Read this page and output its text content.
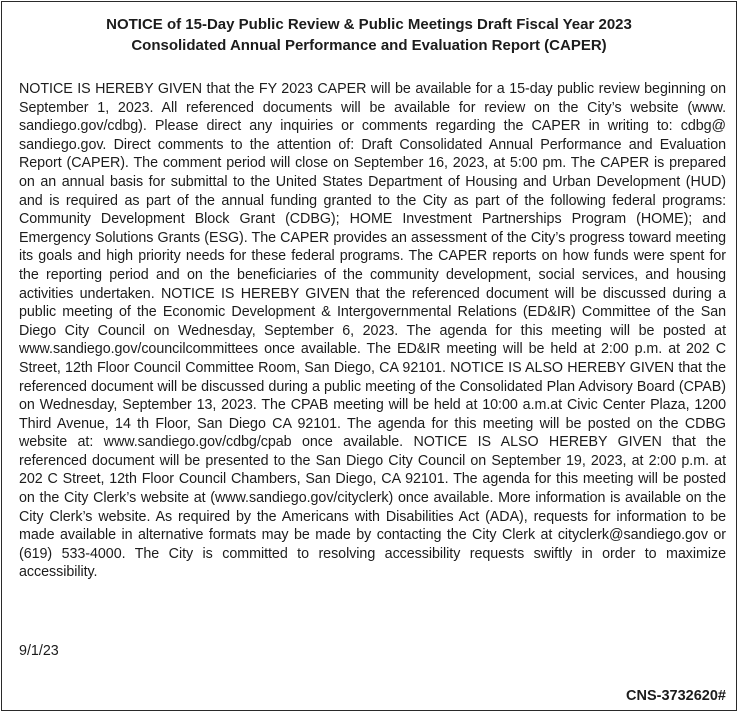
NOTICE of 15-Day Public Review & Public Meetings Draft Fiscal Year 2023
Consolidated Annual Performance and Evaluation Report (CAPER)

NOTICE IS HEREBY GIVEN that the FY 2023 CAPER will be available for a 15-day public review beginning on September 1, 2023. All referenced documents will be available for review on the City’s website (www. sandiego.gov/cdbg). Please direct any inquiries or comments regarding the CAPER in writing to: cdbg@ sandiego.gov. Direct comments to the attention of: Draft Consolidated Annual Performance and Evaluation Report (CAPER). The comment period will close on September 16, 2023, at 5:00 pm. The CAPER is prepared on an annual basis for submittal to the United States Department of Housing and Urban Development (HUD) and is required as part of the annual funding granted to the City as part of the following federal programs: Community Development Block Grant (CDBG); HOME Investment Partnerships Program (HOME); and Emergency Solutions Grants (ESG). The CAPER provides an assessment of the City’s progress toward meeting its goals and high priority needs for these federal programs. The CAPER reports on how funds were spent for the reporting period and on the beneficiaries of the community development, social services, and housing activities undertaken. NOTICE IS HEREBY GIVEN that the referenced document will be discussed during a public meeting of the Economic Development & Intergovernmental Relations (ED&IR) Committee of the San Diego City Council on Wednesday, September 6, 2023. The agenda for this meeting will be posted at www.sandiego.gov/councilcommittees once available. The ED&IR meeting will be held at 2:00 p.m. at 202 C Street, 12th Floor Council Committee Room, San Diego, CA 92101. NOTICE IS ALSO HEREBY GIVEN that the referenced document will be discussed during a public meeting of the Consolidated Plan Advisory Board (CPAB) on Wednesday, September 13, 2023. The CPAB meeting will be held at 10:00 a.m.at Civic Center Plaza, 1200 Third Avenue, 14 th Floor, San Diego CA 92101. The agenda for this meeting will be posted on the CDBG website at: www.sandiego.gov/cdbg/cpab once available. NOTICE IS ALSO HEREBY GIVEN that the referenced document will be presented to the San Diego City Council on September 19, 2023, at 2:00 p.m. at 202 C Street, 12th Floor Council Chambers, San Diego, CA 92101. The agenda for this meeting will be posted on the City Clerk’s website at (www.sandiego.gov/cityclerk) once available. More information is available on the City Clerk’s website. As required by the Americans with Disabilities Act (ADA), requests for information to be made available in alternative formats may be made by contacting the City Clerk at cityclerk@sandiego.gov or (619) 533-4000. The City is committed to resolving accessibility requests swiftly in order to maximize accessibility.

9/1/23

CNS-3732620#
